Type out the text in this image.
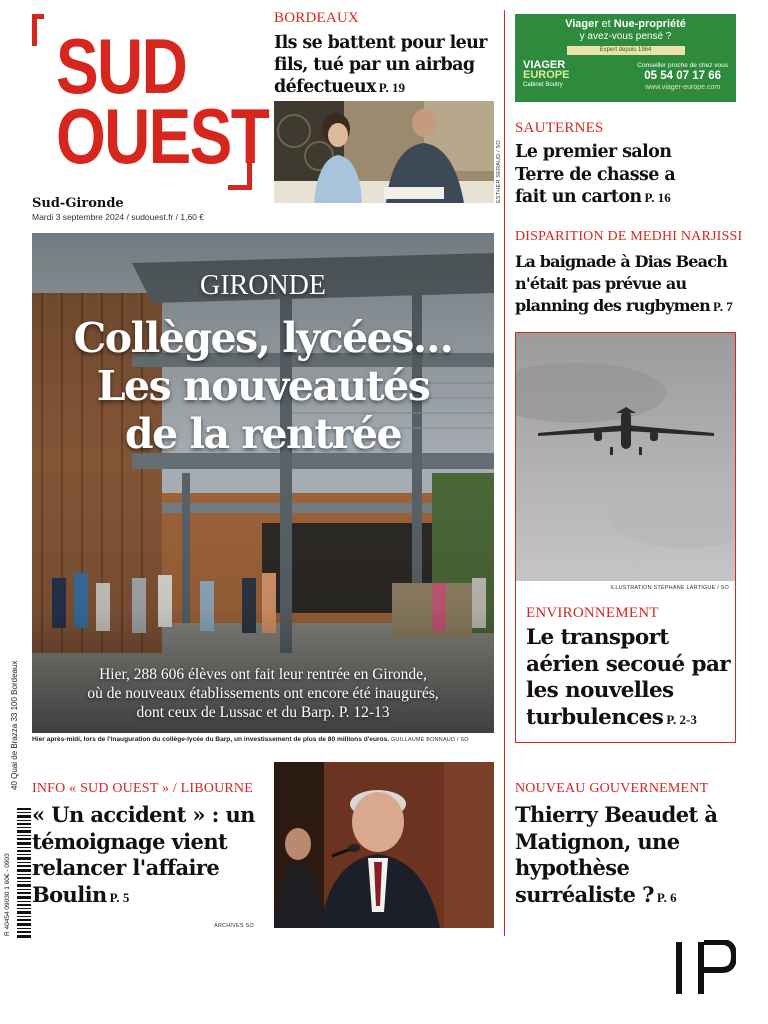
SUD
OUEST
Sud-Gironde
Mardi 3 septembre 2024 / sudouest.fr / 1,60 €
BORDEAUX
Ils se battent pour leur fils, tué par un airbag défectueux P. 19
ESTHER SERAUD / SO
Viager et Nue-propriété
y avez-vous pensé ?
Expert depuis 1964
VIAGER
EUROPE
Cabinet Boutry
Conseiller proche de chez vous
05 54 07 17 66
www.viager-europe.com
SAUTERNES
Le premier salon Terre de chasse a fait un carton P. 16
DISPARITION DE MEDHI NARJISSI
La baignade à Dias Beach n'était pas prévue au planning des rugbymen P. 7
GIRONDE
Collèges, lycées…
Les nouveautés
de la rentrée
Hier, 288 606 élèves ont fait leur rentrée en Gironde,
où de nouveaux établissements ont encore été inaugurés,
dont ceux de Lussac et du Barp. P. 12-13
Hier après-midi, lors de l'inauguration du collège-lycée du Barp, un investissement de plus de 80 millions d'euros. GUILLAUME BONNAUD / SO
ILLUSTRATION STÉPHANE LARTIGUE / SO
ENVIRONNEMENT
Le transport aérien secoué par les nouvelles turbulences P. 2-3
INFO « SUD OUEST » / LIBOURNE
« Un accident » : un témoignage vient relancer l'affaire Boulin P. 5
ARCHIVES SO
NOUVEAU GOUVERNEMENT
Thierry Beaudet à Matignon, une hypothèse surréaliste ? P. 6
40 Quai de Brazza 33 100 Bordeaux
R 40454 09030 1 60€ - 0903
